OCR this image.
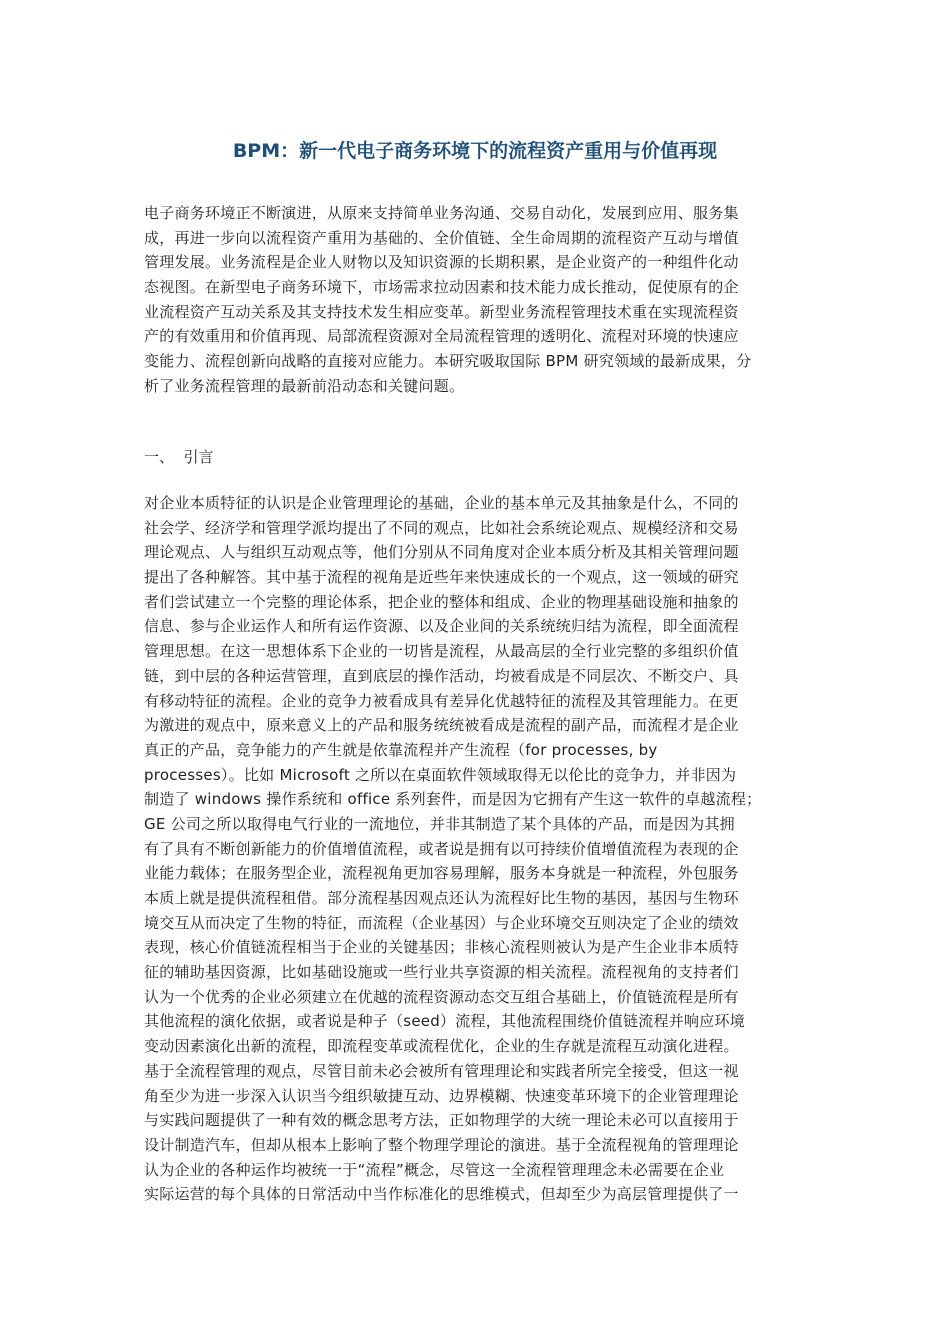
BPM：新一代电子商务环境下的流程资产重用与价值再现
电子商务环境正不断演进，从原来支持简单业务沟通、交易自动化，发展到应用、服务集
成，再进一步向以流程资产重用为基础的、全价值链、全生命周期的流程资产互动与增值
管理发展。业务流程是企业人财物以及知识资源的长期积累，是企业资产的一种组件化动
态视图。在新型电子商务环境下，市场需求拉动因素和技术能力成长推动，促使原有的企
业流程资产互动关系及其支持技术发生相应变革。新型业务流程管理技术重在实现流程资
产的有效重用和价值再现、局部流程资源对全局流程管理的透明化、流程对环境的快速应
变能力、流程创新向战略的直接对应能力。本研究吸取国际 BPM 研究领域的最新成果，分
析了业务流程管理的最新前沿动态和关键问题。
一、  引言
对企业本质特征的认识是企业管理理论的基础，企业的基本单元及其抽象是什么，不同的
社会学、经济学和管理学派均提出了不同的观点，比如社会系统论观点、规模经济和交易
理论观点、人与组织互动观点等，他们分别从不同角度对企业本质分析及其相关管理问题
提出了各种解答。其中基于流程的视角是近些年来快速成长的一个观点，这一领域的研究
者们尝试建立一个完整的理论体系，把企业的整体和组成、企业的物理基础设施和抽象的
信息、参与企业运作人和所有运作资源、以及企业间的关系统统归结为流程，即全面流程
管理思想。在这一思想体系下企业的一切皆是流程，从最高层的全行业完整的多组织价值
链，到中层的各种运营管理，直到底层的操作活动，均被看成是不同层次、不断交户、具
有移动特征的流程。企业的竞争力被看成具有差异化优越特征的流程及其管理能力。在更
为激进的观点中，原来意义上的产品和服务统统被看成是流程的副产品，而流程才是企业
真正的产品，竞争能力的产生就是依靠流程并产生流程（for processes, by
processes）。比如 Microsoft 之所以在桌面软件领域取得无以伦比的竞争力，并非因为
制造了 windows 操作系统和 office 系列套件，而是因为它拥有产生这一软件的卓越流程；
GE 公司之所以取得电气行业的一流地位，并非其制造了某个具体的产品，而是因为其拥
有了具有不断创新能力的价值增值流程，或者说是拥有以可持续价值增值流程为表现的企
业能力载体；在服务型企业，流程视角更加容易理解，服务本身就是一种流程，外包服务
本质上就是提供流程租借。部分流程基因观点还认为流程好比生物的基因，基因与生物环
境交互从而决定了生物的特征，而流程（企业基因）与企业环境交互则决定了企业的绩效
表现，核心价值链流程相当于企业的关键基因；非核心流程则被认为是产生企业非本质特
征的辅助基因资源，比如基础设施或一些行业共享资源的相关流程。流程视角的支持者们
认为一个优秀的企业必须建立在优越的流程资源动态交互组合基础上，价值链流程是所有
其他流程的演化依据，或者说是种子（seed）流程，其他流程围绕价值链流程并响应环境
变动因素演化出新的流程，即流程变革或流程优化，企业的生存就是流程互动演化进程。
基于全流程管理的观点，尽管目前未必会被所有管理理论和实践者所完全接受，但这一视
角至少为进一步深入认识当今组织敏捷互动、边界模糊、快速变革环境下的企业管理理论
与实践问题提供了一种有效的概念思考方法，正如物理学的大统一理论未必可以直接用于
设计制造汽车，但却从根本上影响了整个物理学理论的演进。基于全流程视角的管理理论
认为企业的各种运作均被统一于“流程”概念，尽管这一全流程管理理念未必需要在企业
实际运营的每个具体的日常活动中当作标准化的思维模式，但却至少为高层管理提供了一
